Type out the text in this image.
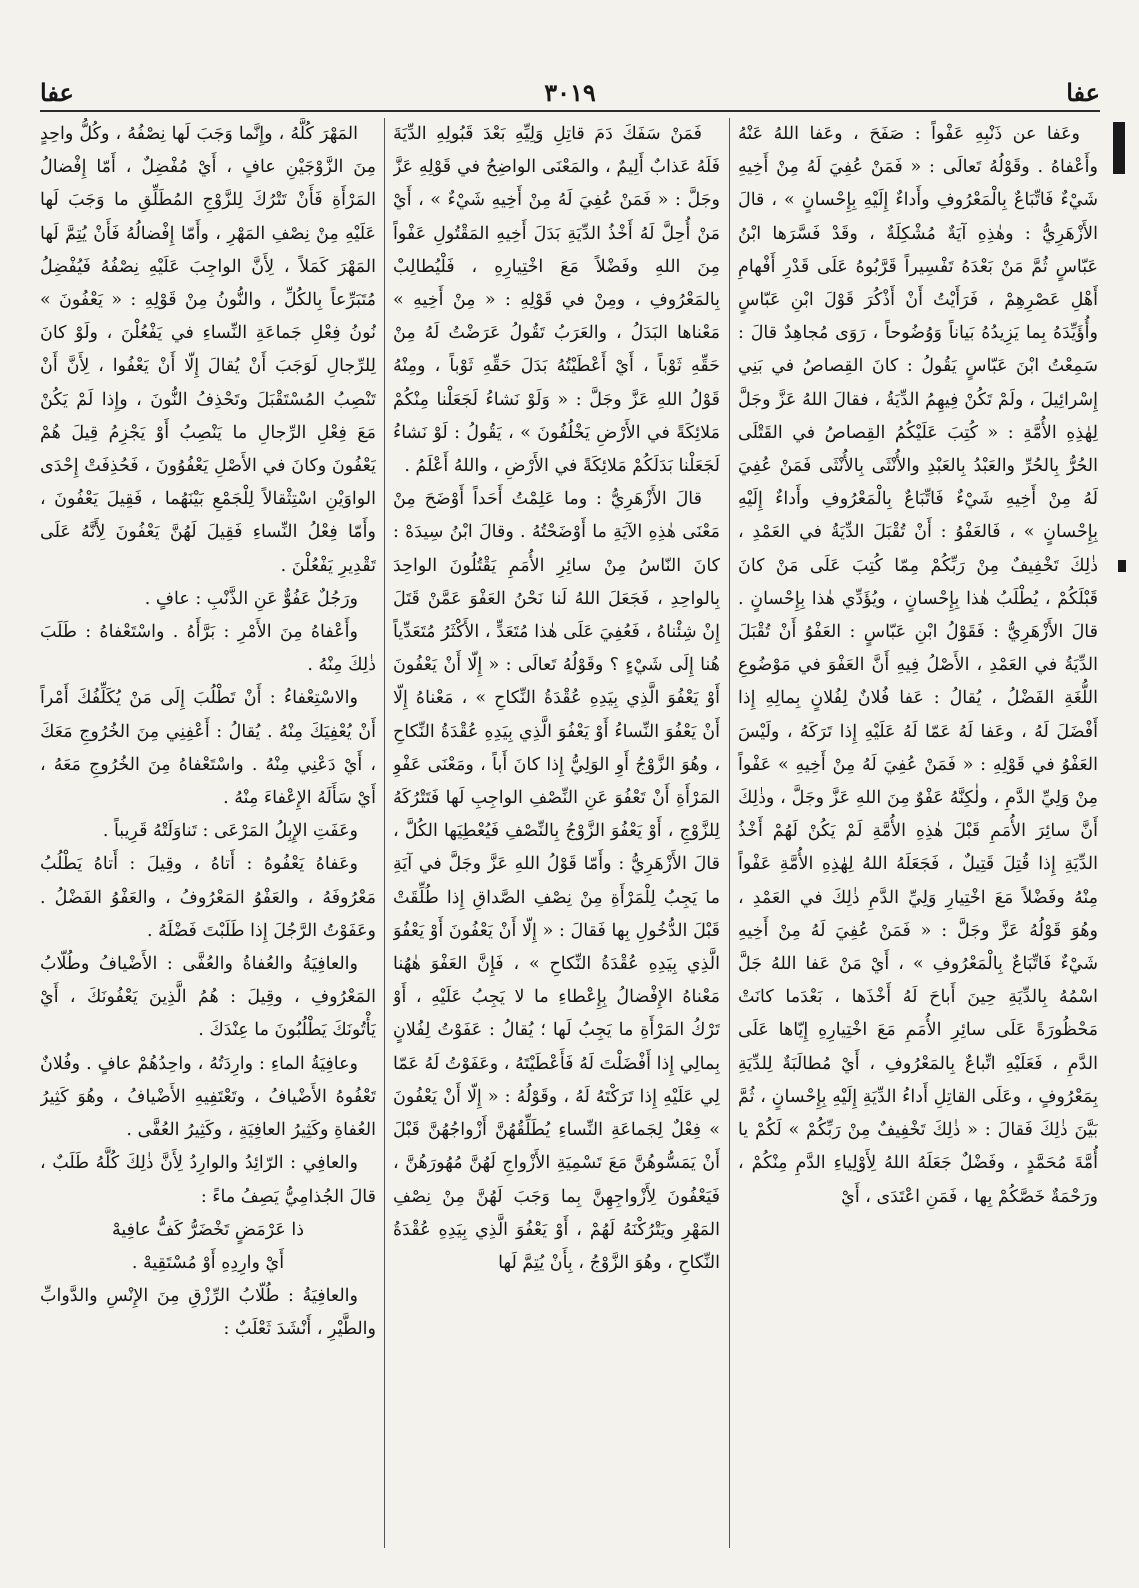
عفا
٣٠١٩
عفا

وعَفا عن ذَنْبِهِ عَفْواً : صَفَحَ ، وعَفا اللهُ عَنْهُ وأَعْفاهُ . وقَوْلُهُ تَعالَى : « فَمَنْ عُفِيَ لَهُ مِنْ أَخِيهِ شَيْءٌ فَاتِّبَاعٌ بِالْمَعْرُوفِ وأَداءٌ إِلَيْهِ بِإِحْسانٍ » ، قالَ الأَزْهَرِيُّ : وهٰذِهِ آيَةٌ مُشْكِلَةٌ ، وقَدْ فَسَّرَها ابْنُ عَبّاسٍ ثُمَّ مَنْ بَعْدَهُ تَفْسِيراً قَرَّبُوهُ عَلَى قَدْرِ أَفْهامِ أَهْلِ عَصْرِهِمْ ، فَرَأَيْتُ أَنْ أَذْكُرَ قَوْلَ ابْنِ عَبّاسٍ وأُؤَيِّدَهُ بِما يَزِيدُهُ بَياناً وَوُضُوحاً ، رَوَى مُجاهِدٌ قالَ : سَمِعْتُ ابْنَ عَبّاسٍ يَقُولُ : كانَ القِصاصُ في بَنِي إِسْرائِيلَ ، ولَمْ تَكُنْ فِيهِمُ الدِّيَةُ ، فقالَ اللهُ عَزَّ وجَلَّ لِهٰذِهِ الأُمَّةِ : « كُتِبَ عَلَيْكُمُ القِصاصُ في القَتْلَى الحُرُّ بِالحُرِّ والعَبْدُ بِالعَبْدِ والأُنْثَى بِالأُنْثَى فَمَنْ عُفِيَ لَهُ مِنْ أَخِيهِ شَيْءٌ فَاتِّبَاعٌ بِالْمَعْرُوفِ وأَداءٌ إِلَيْهِ بِإِحْسانٍ » ، فَالعَفْوُ : أَنْ تُقْبَلَ الدِّيَةُ في العَمْدِ ، ذٰلِكَ تَخْفِيفٌ مِنْ رَبِّكُمْ مِمّا كُتِبَ عَلَى مَنْ كانَ قَبْلَكُمْ ، يُطْلَبُ هٰذا بِإِحْسانٍ ، ويُؤَدِّي هٰذا بِإِحْسانٍ . قالَ الأَزْهَرِيُّ : فَقَوْلُ ابْنِ عَبّاسٍ : العَفْوُ أَنْ تُقْبَلَ الدِّيَةُ في العَمْدِ ، الأَصْلُ فِيهِ أَنَّ العَفْوَ في مَوْضُوعِ اللُّغَةِ الفَضْلُ ، يُقالُ : عَفا فُلانٌ لِفُلانٍ بِمالِهِ إِذا أَفْضَلَ لَهُ ، وعَفا لَهُ عَمّا لَهُ عَلَيْهِ إِذا تَرَكَهُ ، ولَيْسَ العَفْوُ في قَوْلِهِ : « فَمَنْ عُفِيَ لَهُ مِنْ أَخِيهِ » عَفْواً مِنْ وَلِيِّ الدَّمِ ، ولٰكِنَّهُ عَفْوٌ مِنَ اللهِ عَزَّ وجَلَّ ، وذٰلِكَ أَنَّ سائِرَ الأُمَمِ قَبْلَ هٰذِهِ الأُمَّةِ لَمْ يَكُنْ لَهُمْ أَخْذُ الدِّيَةِ إِذا قُتِلَ قَتِيلٌ ، فَجَعَلَهُ اللهُ لِهٰذِهِ الأُمَّةِ عَفْواً مِنْهُ وفَضْلاً مَعَ اخْتِيارِ وَلِيِّ الدَّمِ ذٰلِكَ في العَمْدِ ، وهُوَ قَوْلُهُ عَزَّ وجَلَّ : « فَمَنْ عُفِيَ لَهُ مِنْ أَخِيهِ شَيْءٌ فَاتِّبَاعٌ بِالْمَعْرُوفِ » ، أَيْ مَنْ عَفا اللهُ جَلَّ اسْمُهُ بِالدِّيَةِ حِينَ أَباحَ لَهُ أَخْذَها ، بَعْدَما كانَتْ مَحْظُورَةً عَلَى سائِرِ الأُمَمِ مَعَ اخْتِيارِهِ إِيّاها عَلَى الدَّمِ ، فَعَلَيْهِ اتِّباعٌ بِالمَعْرُوفِ ، أَيْ مُطالَبَةٌ لِلدِّيَةِ بِمَعْرُوفٍ ، وعَلَى القاتِلِ أَداءُ الدِّيَةِ إِلَيْهِ بِإِحْسانٍ ، ثُمَّ بَيَّنَ ذٰلِكَ فَقالَ : « ذٰلِكَ تَخْفِيفٌ مِنْ رَبِّكُمْ » لَكُمْ يا أُمَّةَ مُحَمَّدٍ ، وفَضْلٌ جَعَلَهُ اللهُ لِأَوْلِياءِ الدَّمِ مِنْكُمْ ، ورَحْمَةٌ خَصَّكُمْ بِها ، فَمَنِ اعْتَدَى ، أَيْ

فَمَنْ سَفَكَ دَمَ قاتِلِ وَلِيِّهِ بَعْدَ قَبُولِهِ الدِّيَةَ فَلَهُ عَذابٌ أَلِيمٌ ، والمَعْنَى الواضِحُ في قَوْلِهِ عَزَّ وجَلَّ : « فَمَنْ عُفِيَ لَهُ مِنْ أَخِيهِ شَيْءٌ » ، أَيْ مَنْ أُحِلَّ لَهُ أَخْذُ الدِّيَةِ بَدَلَ أَخِيهِ المَقْتُولِ عَفْواً مِنَ اللهِ وفَضْلاً مَعَ اخْتِيارِهِ ، فَلْيُطالِبْ بِالمَعْرُوفِ ، ومِنْ في قَوْلِهِ : « مِنْ أَخِيهِ » مَعْناها البَدَلُ ، والعَرَبُ تَقُولُ عَرَضْتُ لَهُ مِنْ حَقِّهِ ثَوْباً ، أَيْ أَعْطَيْتُهُ بَدَلَ حَقِّهِ ثَوْباً ، ومِنْهُ قَوْلُ اللهِ عَزَّ وجَلَّ : « وَلَوْ نَشاءُ لَجَعَلْنا مِنْكُمْ مَلائِكَةً في الأَرْضِ يَخْلُفُونَ » ، يَقُولُ : لَوْ نَشاءُ لَجَعَلْنا بَدَلَكُمْ مَلائِكَةً في الأَرْضِ ، واللهُ أَعْلَمُ .

قالَ الأَزْهَرِيُّ : وما عَلِمْتُ أَحَداً أَوْضَحَ مِنْ مَعْنَى هٰذِهِ الآيَةِ ما أَوْضَحْتُهُ . وقالَ ابْنُ سِيدَهْ : كانَ النّاسُ مِنْ سائِرِ الأُمَمِ يَقْتُلُونَ الواحِدَ بِالواحِدِ ، فَجَعَلَ اللهُ لَنا نَحْنُ العَفْوَ عَمَّنْ قَتَلَ إِنْ شِئْناهُ ، فَعُفِيَ عَلَى هٰذا مُتَعَدٍّ ، الأَكْثَرُ مُتَعَدِّياً هُنا إِلَى شَيْءٍ ؟ وقَوْلُهُ تَعالَى : « إِلّا أَنْ يَعْفُونَ أَوْ يَعْفُوَ الَّذِي بِيَدِهِ عُقْدَةُ النِّكاحِ » ، مَعْناهُ إِلّا أَنْ يَعْفُوَ النِّساءُ أَوْ يَعْفُوَ الَّذِي بِيَدِهِ عُقْدَةُ النِّكاحِ ، وهُوَ الزَّوْجُ أَوِ الوَلِيُّ إِذا كانَ أَباً ، ومَعْنَى عَفْوِ المَرْأَةِ أَنْ تَعْفُوَ عَنِ النِّصْفِ الواجِبِ لَها فَتَتْرُكَهُ لِلزَّوْجِ ، أَوْ يَعْفُوَ الزَّوْجُ بِالنِّصْفِ فَيُعْطِيَها الكُلَّ ، قالَ الأَزْهَرِيُّ : وأَمّا قَوْلُ اللهِ عَزَّ وجَلَّ في آيَةِ ما يَجِبُ لِلْمَرْأَةِ مِنْ نِصْفِ الصَّداقِ إِذا طُلِّقَتْ قَبْلَ الدُّخُولِ بِها فَقالَ : « إِلّا أَنْ يَعْفُونَ أَوْ يَعْفُوَ الَّذِي بِيَدِهِ عُقْدَةُ النِّكاحِ » ، فَإِنَّ العَفْوَ هٰهُنا مَعْناهُ الإِفْضالُ بِإِعْطاءِ ما لا يَجِبُ عَلَيْهِ ، أَوْ تَرْكُ المَرْأَةِ ما يَجِبُ لَها ؛ يُقالُ : عَفَوْتُ لِفُلانٍ بِمالِي إِذا أَفْضَلْتَ لَهُ فَأَعْطَيْتَهُ ، وعَفَوْتُ لَهُ عَمّا لِي عَلَيْهِ إِذا تَرَكْتَهُ لَهُ ، وقَوْلُهُ : « إِلّا أَنْ يَعْفُونَ » فِعْلٌ لِجَماعَةِ النِّساءِ يُطَلِّقُهُنَّ أَزْواجُهُنَّ قَبْلَ أَنْ يَمَسُّوهُنَّ مَعَ تَسْمِيَةِ الأَزْواجِ لَهُنَّ مُهُورَهُنَّ ، فَيَعْفُونَ لِأَزْواجِهِنَّ بِما وَجَبَ لَهُنَّ مِنْ نِصْفِ المَهْرِ ويَتْرُكْنَهُ لَهُمْ ، أَوْ يَعْفُوَ الَّذِي بِيَدِهِ عُقْدَةُ النِّكاحِ ، وهُوَ الزَّوْجُ ، بِأَنْ يُتِمَّ لَها

المَهْرَ كُلَّهُ ، وإِنَّما وَجَبَ لَها نِصْفُهُ ، وكُلُّ واحِدٍ مِنَ الزَّوْجَيْنِ عافٍ ، أَيْ مُفْضِلٌ ، أَمّا إِفْضالُ المَرْأَةِ فَأَنْ تَتْرُكَ لِلزَّوْجِ المُطَلِّقِ ما وَجَبَ لَها عَلَيْهِ مِنْ نِصْفِ المَهْرِ ، وأَمّا إِفْضالُهُ فَأَنْ يُتِمَّ لَها المَهْرَ كَمَلاً ، لِأَنَّ الواجِبَ عَلَيْهِ نِصْفُهُ فَيُفْضِلُ مُتَبَرِّعاً بِالكُلِّ ، والنُّونُ مِنْ قَوْلِهِ : « يَعْفُونَ » نُونُ فِعْلِ جَماعَةِ النِّساءِ في يَفْعُلْنَ ، ولَوْ كانَ لِلرِّجالِ لَوَجَبَ أَنْ يُقالَ إِلّا أَنْ يَعْفُوا ، لِأَنَّ أَنْ تَنْصِبُ المُسْتَقْبَلَ وتَحْذِفُ النُّونَ ، وإِذا لَمْ يَكُنْ مَعَ فِعْلِ الرِّجالِ ما يَنْصِبُ أَوْ يَجْزِمُ قِيلَ هُمْ يَعْفُونَ وكانَ في الأَصْلِ يَعْفُوُونَ ، فَحُذِفَتْ إِحْدَى الواوَيْنِ اسْتِثْقالاً لِلْجَمْعِ بَيْنَهُما ، فَقِيلَ يَعْفُونَ ، وأَمّا فِعْلُ النِّساءِ فَقِيلَ لَهُنَّ يَعْفُونَ لِأَنَّهُ عَلَى تَقْدِيرِ يَفْعُلْنَ .

ورَجُلٌ عَفُوٌّ عَنِ الذَّنْبِ : عافٍ .

وأَعْفاهُ مِنَ الأَمْرِ : بَرَّأَهُ . واسْتَعْفاهُ : طَلَبَ ذٰلِكَ مِنْهُ .

والاسْتِعْفاءُ : أَنْ تَطْلُبَ إِلَى مَنْ يُكَلِّفُكَ أَمْراً أَنْ يُعْفِيَكَ مِنْهُ . يُقالُ : أَعْفِنِي مِنَ الخُرُوجِ مَعَكَ ، أَيْ دَعْنِي مِنْهُ . واسْتَعْفاهُ مِنَ الخُرُوجِ مَعَهُ ، أَيْ سَأَلَهُ الإِعْفاءَ مِنْهُ .

وعَفَتِ الإِبِلُ المَرْعَى : تَناوَلَتْهُ قَرِيباً .

وعَفاهُ يَعْفُوهُ : أَتاهُ ، وقِيلَ : أَتاهُ يَطْلُبُ مَعْرُوفَهُ ، والعَفْوُ المَعْرُوفُ ، والعَفْوُ الفَضْلُ . وعَفَوْتُ الرَّجُلَ إِذا طَلَبْتَ فَضْلَهُ .

والعافِيَةُ والعُفاةُ والعُفَّى : الأَضْيافُ وطُلّابُ المَعْرُوفِ ، وقِيلَ : هُمُ الَّذِينَ يَعْفُونَكَ ، أَيْ يَأْتُونَكَ يَطْلُبُونَ ما عِنْدَكَ .

وعافِيَةُ الماءِ : وارِدَتُهُ ، واحِدُهُمْ عافٍ . وفُلانٌ تَعْفُوهُ الأَضْيافُ ، وتَعْتَفِيهِ الأَضْيافُ ، وهُوَ كَثِيرُ العُفاةِ وكَثِيرُ العافِيَةِ ، وكَثِيرُ العُفَّى .

والعافِي : الرّائِدُ والوارِدُ لِأَنَّ ذٰلِكَ كُلَّهُ طَلَبٌ ، قالَ الجُذامِيُّ يَصِفُ ماءً :

ذا عَرْمَضٍ تَخْضَرُّ كَفُّ عافِيهْ

أَيْ وارِدِهِ أَوْ مُسْتَقِيهْ .

والعافِيَةُ : طُلّابُ الرِّزْقِ مِنَ الإِنْسِ والدَّوابِّ والطَّيْرِ ، أَنْشَدَ ثَعْلَبٌ :
